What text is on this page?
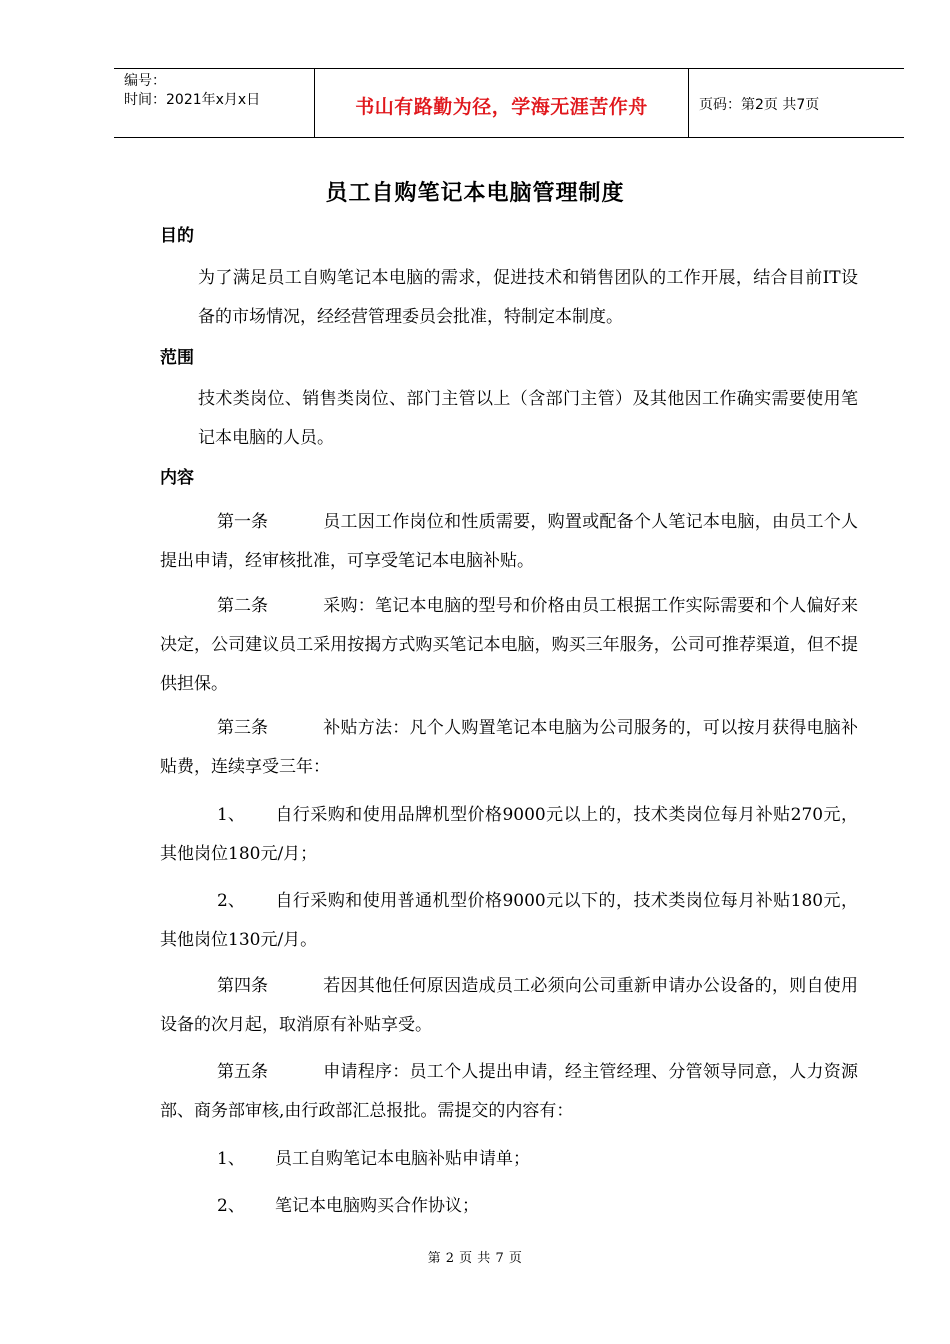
编号：
时间：2021年x月x日	书山有路勤为径，学海无涯苦作舟	页码：第2页 共7页
员工自购笔记本电脑管理制度
目的
为了满足员工自购笔记本电脑的需求，促进技术和销售团队的工作开展，结合目前IT设备的市场情况，经经营管理委员会批准，特制定本制度。
范围
技术类岗位、销售类岗位、部门主管以上（含部门主管）及其他因工作确实需要使用笔记本电脑的人员。
内容
第一条	员工因工作岗位和性质需要，购置或配备个人笔记本电脑，由员工个人提出申请，经审核批准，可享受笔记本电脑补贴。
第二条	采购：笔记本电脑的型号和价格由员工根据工作实际需要和个人偏好来决定，公司建议员工采用按揭方式购买笔记本电脑，购买三年服务，公司可推荐渠道，但不提供担保。
第三条	补贴方法：凡个人购置笔记本电脑为公司服务的，可以按月获得电脑补贴费，连续享受三年：
1、 自行采购和使用品牌机型价格9000元以上的，技术类岗位每月补贴270元，其他岗位180元/月；
2、 自行采购和使用普通机型价格9000元以下的，技术类岗位每月补贴180元，其他岗位130元/月。
第四条	若因其他任何原因造成员工必须向公司重新申请办公设备的，则自使用设备的次月起，取消原有补贴享受。
第五条	申请程序：员工个人提出申请，经主管经理、分管领导同意，人力资源部、商务部审核,由行政部汇总报批。需提交的内容有：
1、 员工自购笔记本电脑补贴申请单；
2、 笔记本电脑购买合作协议；
第 2 页 共 7 页
